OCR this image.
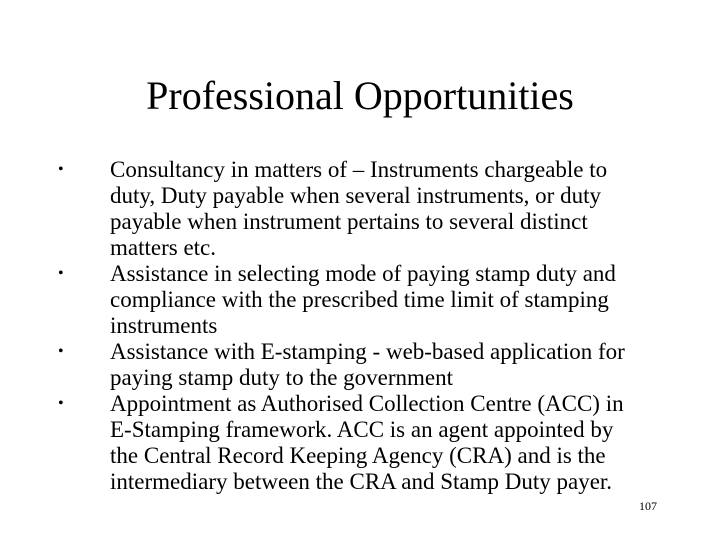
Professional Opportunities
• Consultancy in matters of – Instruments chargeable to
duty, Duty payable when several instruments, or duty
payable when instrument pertains to several distinct
matters etc.
• Assistance in selecting mode of paying stamp duty and
compliance with the prescribed time limit of stamping
instruments
• Assistance with E-stamping - web-based application for
paying stamp duty to the government
• Appointment as Authorised Collection Centre (ACC) in
E-Stamping framework. ACC is an agent appointed by
the Central Record Keeping Agency (CRA) and is the
intermediary between the CRA and Stamp Duty payer.
107
